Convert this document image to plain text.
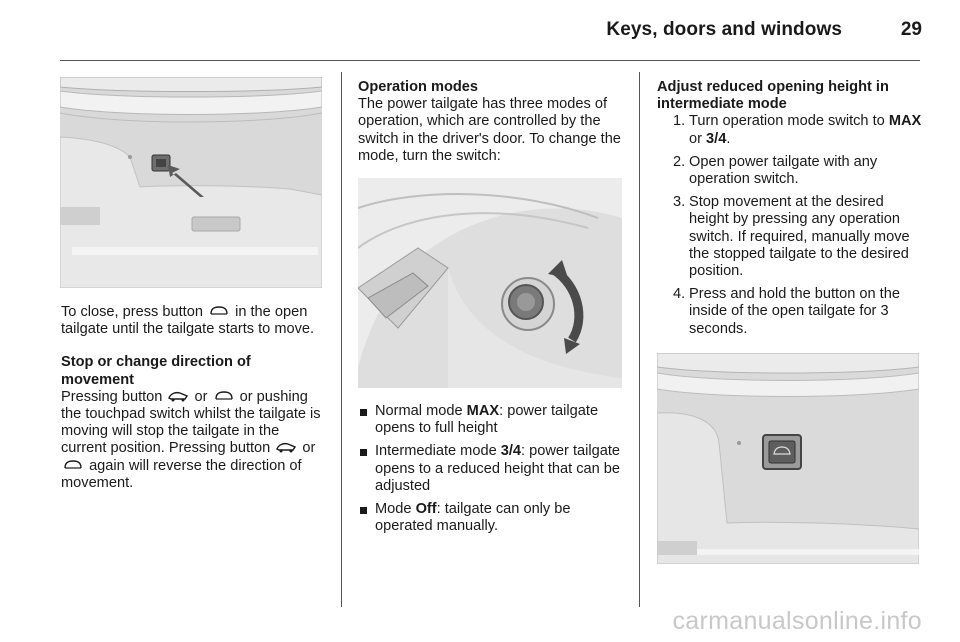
Keys, doors and windows	29

To close, press button in the open tailgate until the tailgate starts to move.

Stop or change direction of movement

Pressing button or or pushing the touchpad switch whilst the tailgate is moving will stop the tailgate in the current position. Pressing button or  again will reverse the direction of movement.

Operation modes

The power tailgate has three modes of operation, which are controlled by the switch in the driver's door. To change the mode, turn the switch:

Normal mode MAX: power tailgate opens to full height
Intermediate mode 3/4: power tailgate opens to a reduced height that can be adjusted
Mode Off: tailgate can only be operated manually.

Adjust reduced opening height in intermediate mode

1. Turn operation mode switch to MAX or 3/4.
2. Open power tailgate with any operation switch.
3. Stop movement at the desired height by pressing any operation switch. If required, manually move the stopped tailgate to the desired position.
4. Press and hold the button on the inside of the open tailgate for 3 seconds.
carmanualsonline.info
